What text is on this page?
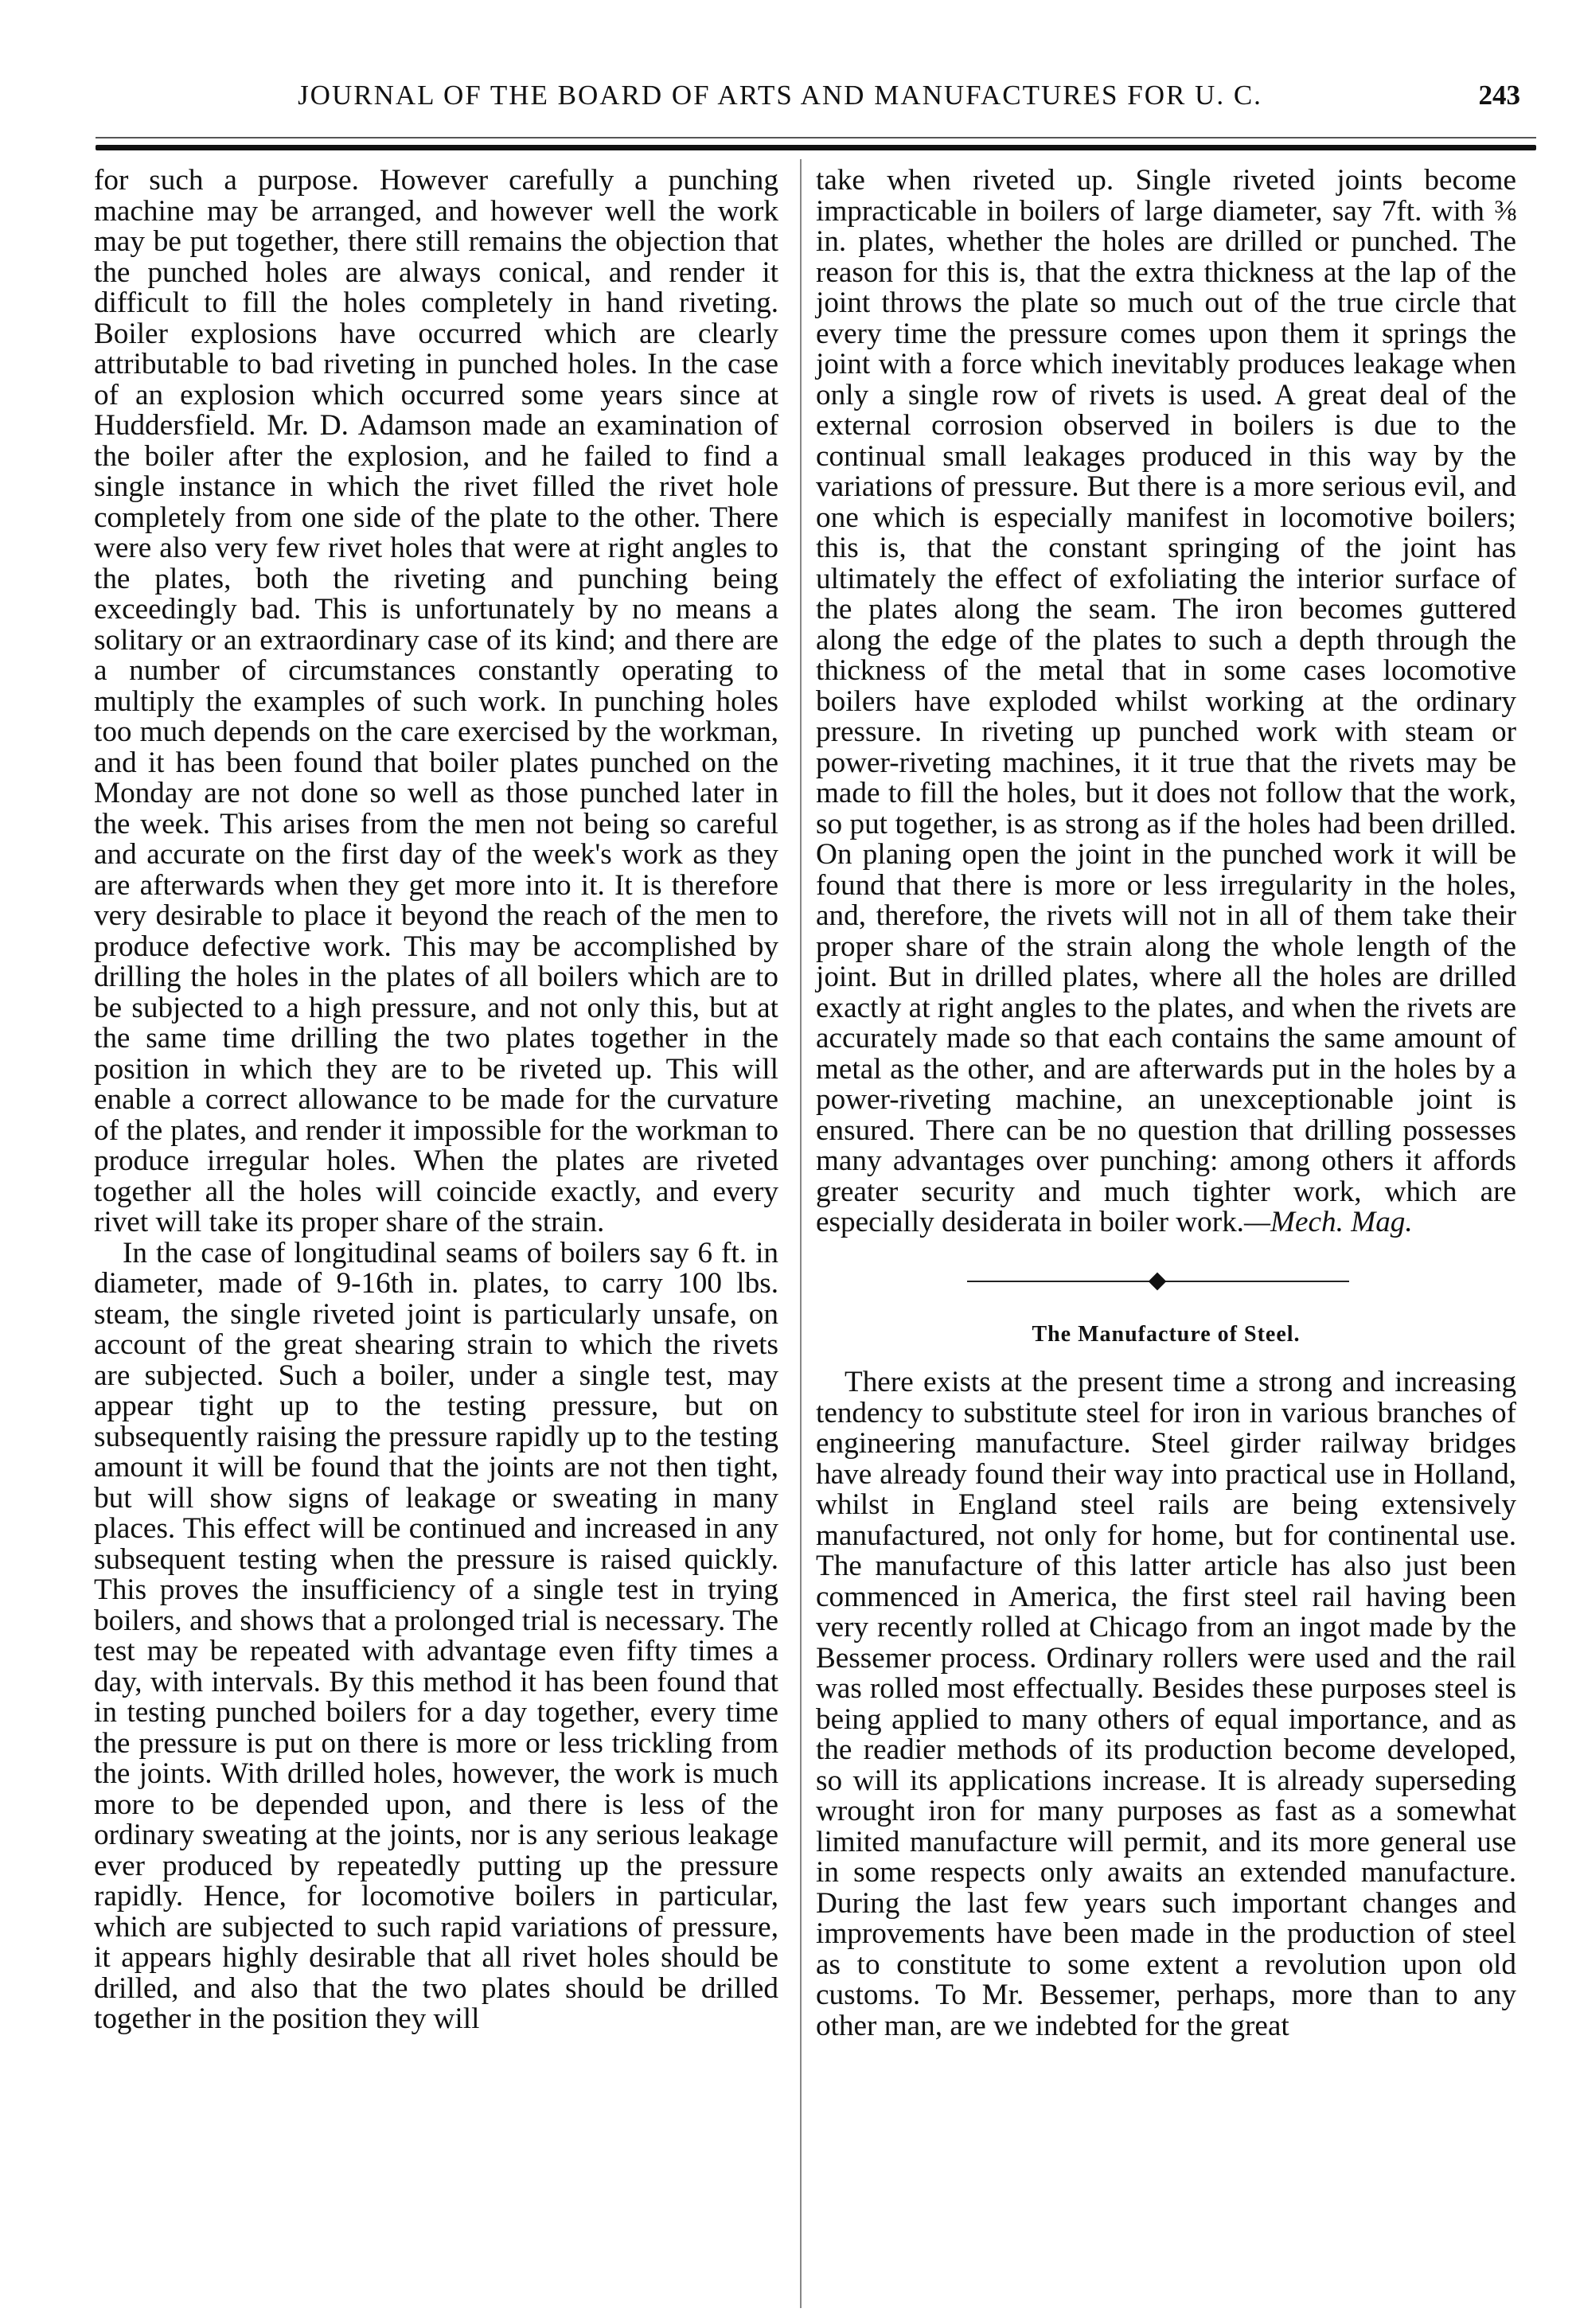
JOURNAL OF THE BOARD OF ARTS AND MANUFACTURES FOR U. C.	243

for such a purpose. However carefully a punching machine may be arranged, and however well the work may be put together, there still remains the objection that the punched holes are always conical, and render it difficult to fill the holes completely in hand riveting. Boiler explosions have occurred which are clearly attributable to bad riveting in punched holes. In the case of an explosion which occurred some years since at Huddersfield. Mr. D. Adamson made an examination of the boiler after the explosion, and he failed to find a single instance in which the rivet filled the rivet hole completely from one side of the plate to the other. There were also very few rivet holes that were at right angles to the plates, both the riveting and punching being exceedingly bad. This is unfortunately by no means a solitary or an extraordinary case of its kind; and there are a number of circumstances constantly operating to multiply the examples of such work. In punching holes too much depends on the care exercised by the workman, and it has been found that boiler plates punched on the Monday are not done so well as those punched later in the week. This arises from the men not being so careful and accurate on the first day of the week's work as they are afterwards when they get more into it. It is therefore very desirable to place it beyond the reach of the men to produce defective work. This may be accomplished by drilling the holes in the plates of all boilers which are to be subjected to a high pressure, and not only this, but at the same time drilling the two plates together in the position in which they are to be riveted up. This will enable a correct allowance to be made for the curvature of the plates, and render it impossible for the workman to produce irregular holes. When the plates are riveted together all the holes will coincide exactly, and every rivet will take its proper share of the strain.

In the case of longitudinal seams of boilers say 6 ft. in diameter, made of 9-16th in. plates, to carry 100 lbs. steam, the single riveted joint is particularly unsafe, on account of the great shearing strain to which the rivets are subjected. Such a boiler, under a single test, may appear tight up to the testing pressure, but on subsequently raising the pressure rapidly up to the testing amount it will be found that the joints are not then tight, but will show signs of leakage or sweating in many places. This effect will be continued and increased in any subsequent testing when the pressure is raised quickly. This proves the insufficiency of a single test in trying boilers, and shows that a prolonged trial is necessary. The test may be repeated with advantage even fifty times a day, with intervals. By this method it has been found that in testing punched boilers for a day together, every time the pressure is put on there is more or less trickling from the joints. With drilled holes, however, the work is much more to be depended upon, and there is less of the ordinary sweating at the joints, nor is any serious leakage ever produced by repeatedly putting up the pressure rapidly. Hence, for locomotive boilers in particular, which are subjected to such rapid variations of pressure, it appears highly desirable that all rivet holes should be drilled, and also that the two plates should be drilled together in the position they will

take when riveted up. Single riveted joints become impracticable in boilers of large diameter, say 7ft. with ⅜ in. plates, whether the holes are drilled or punched. The reason for this is, that the extra thickness at the lap of the joint throws the plate so much out of the true circle that every time the pressure comes upon them it springs the joint with a force which inevitably produces leakage when only a single row of rivets is used. A great deal of the external corrosion observed in boilers is due to the continual small leakages produced in this way by the variations of pressure. But there is a more serious evil, and one which is especially manifest in locomotive boilers; this is, that the constant springing of the joint has ultimately the effect of exfoliating the interior surface of the plates along the seam. The iron becomes guttered along the edge of the plates to such a depth through the thickness of the metal that in some cases locomotive boilers have exploded whilst working at the ordinary pressure. In riveting up punched work with steam or power-riveting machines, it it true that the rivets may be made to fill the holes, but it does not follow that the work, so put together, is as strong as if the holes had been drilled. On planing open the joint in the punched work it will be found that there is more or less irregularity in the holes, and, therefore, the rivets will not in all of them take their proper share of the strain along the whole length of the joint. But in drilled plates, where all the holes are drilled exactly at right angles to the plates, and when the rivets are accurately made so that each contains the same amount of metal as the other, and are afterwards put in the holes by a power-riveting machine, an unexceptionable joint is ensured. There can be no question that drilling possesses many advantages over punching: among others it affords greater security and much tighter work, which are especially desiderata in boiler work.—Mech. Mag.

The Manufacture of Steel.

There exists at the present time a strong and increasing tendency to substitute steel for iron in various branches of engineering manufacture. Steel girder railway bridges have already found their way into practical use in Holland, whilst in England steel rails are being extensively manufactured, not only for home, but for continental use. The manufacture of this latter article has also just been commenced in America, the first steel rail having been very recently rolled at Chicago from an ingot made by the Bessemer process. Ordinary rollers were used and the rail was rolled most effectually. Besides these purposes steel is being applied to many others of equal importance, and as the readier methods of its production become developed, so will its applications increase. It is already superseding wrought iron for many purposes as fast as a somewhat limited manufacture will permit, and its more general use in some respects only awaits an extended manufacture. During the last few years such important changes and improvements have been made in the production of steel as to constitute to some extent a revolution upon old customs. To Mr. Bessemer, perhaps, more than to any other man, are we indebted for the great
